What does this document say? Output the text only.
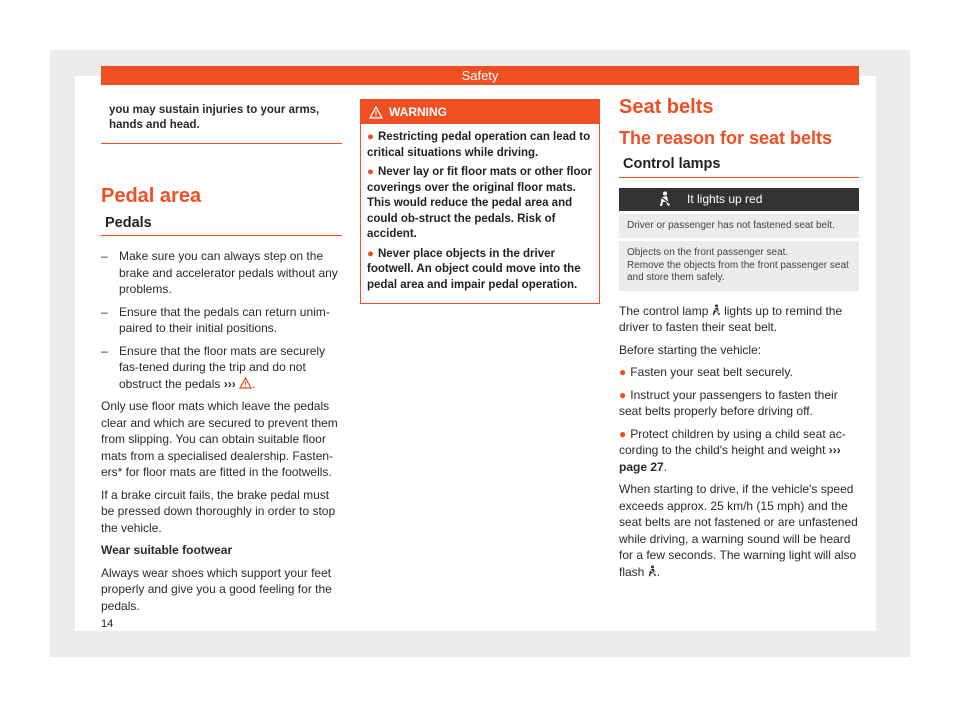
Safety
you may sustain injuries to your arms, hands and head.
Pedal area
Pedals
– Make sure you can always step on the brake and accelerator pedals without any problems.
– Ensure that the pedals can return unim-paired to their initial positions.
– Ensure that the floor mats are securely fas-tened during the trip and do not obstruct the pedals ››› .

Only use floor mats which leave the pedals clear and which are secured to prevent them from slipping. You can obtain suitable floor mats from a specialised dealership. Fasten-ers* for floor mats are fitted in the footwells.

If a brake circuit fails, the brake pedal must be pressed down thoroughly in order to stop the vehicle.

Wear suitable footwear

Always wear shoes which support your feet properly and give you a good feeling for the pedals.

WARNING

● Restricting pedal operation can lead to critical situations while driving.

● Never lay or fit floor mats or other floor coverings over the original floor mats. This would reduce the pedal area and could ob-struct the pedals. Risk of accident.

● Never place objects in the driver footwell. An object could move into the pedal area and impair pedal operation.

Seat belts
The reason for seat belts
Control lamps
It lights up red
Driver or passenger has not fastened seat belt.
Objects on the front passenger seat.
Remove the objects from the front passenger seat and store them safely.

The control lamp lights up to remind the driver to fasten their seat belt.

Before starting the vehicle:

● Fasten your seat belt securely.

● Instruct your passengers to fasten their seat belts properly before driving off.

● Protect children by using a child seat ac-cording to the child's height and weight ››› page 27.

When starting to drive, if the vehicle's speed exceeds approx. 25 km/h (15 mph) and the seat belts are not fastened or are unfastened while driving, a warning sound will be heard for a few seconds. The warning light will also flash .

14
